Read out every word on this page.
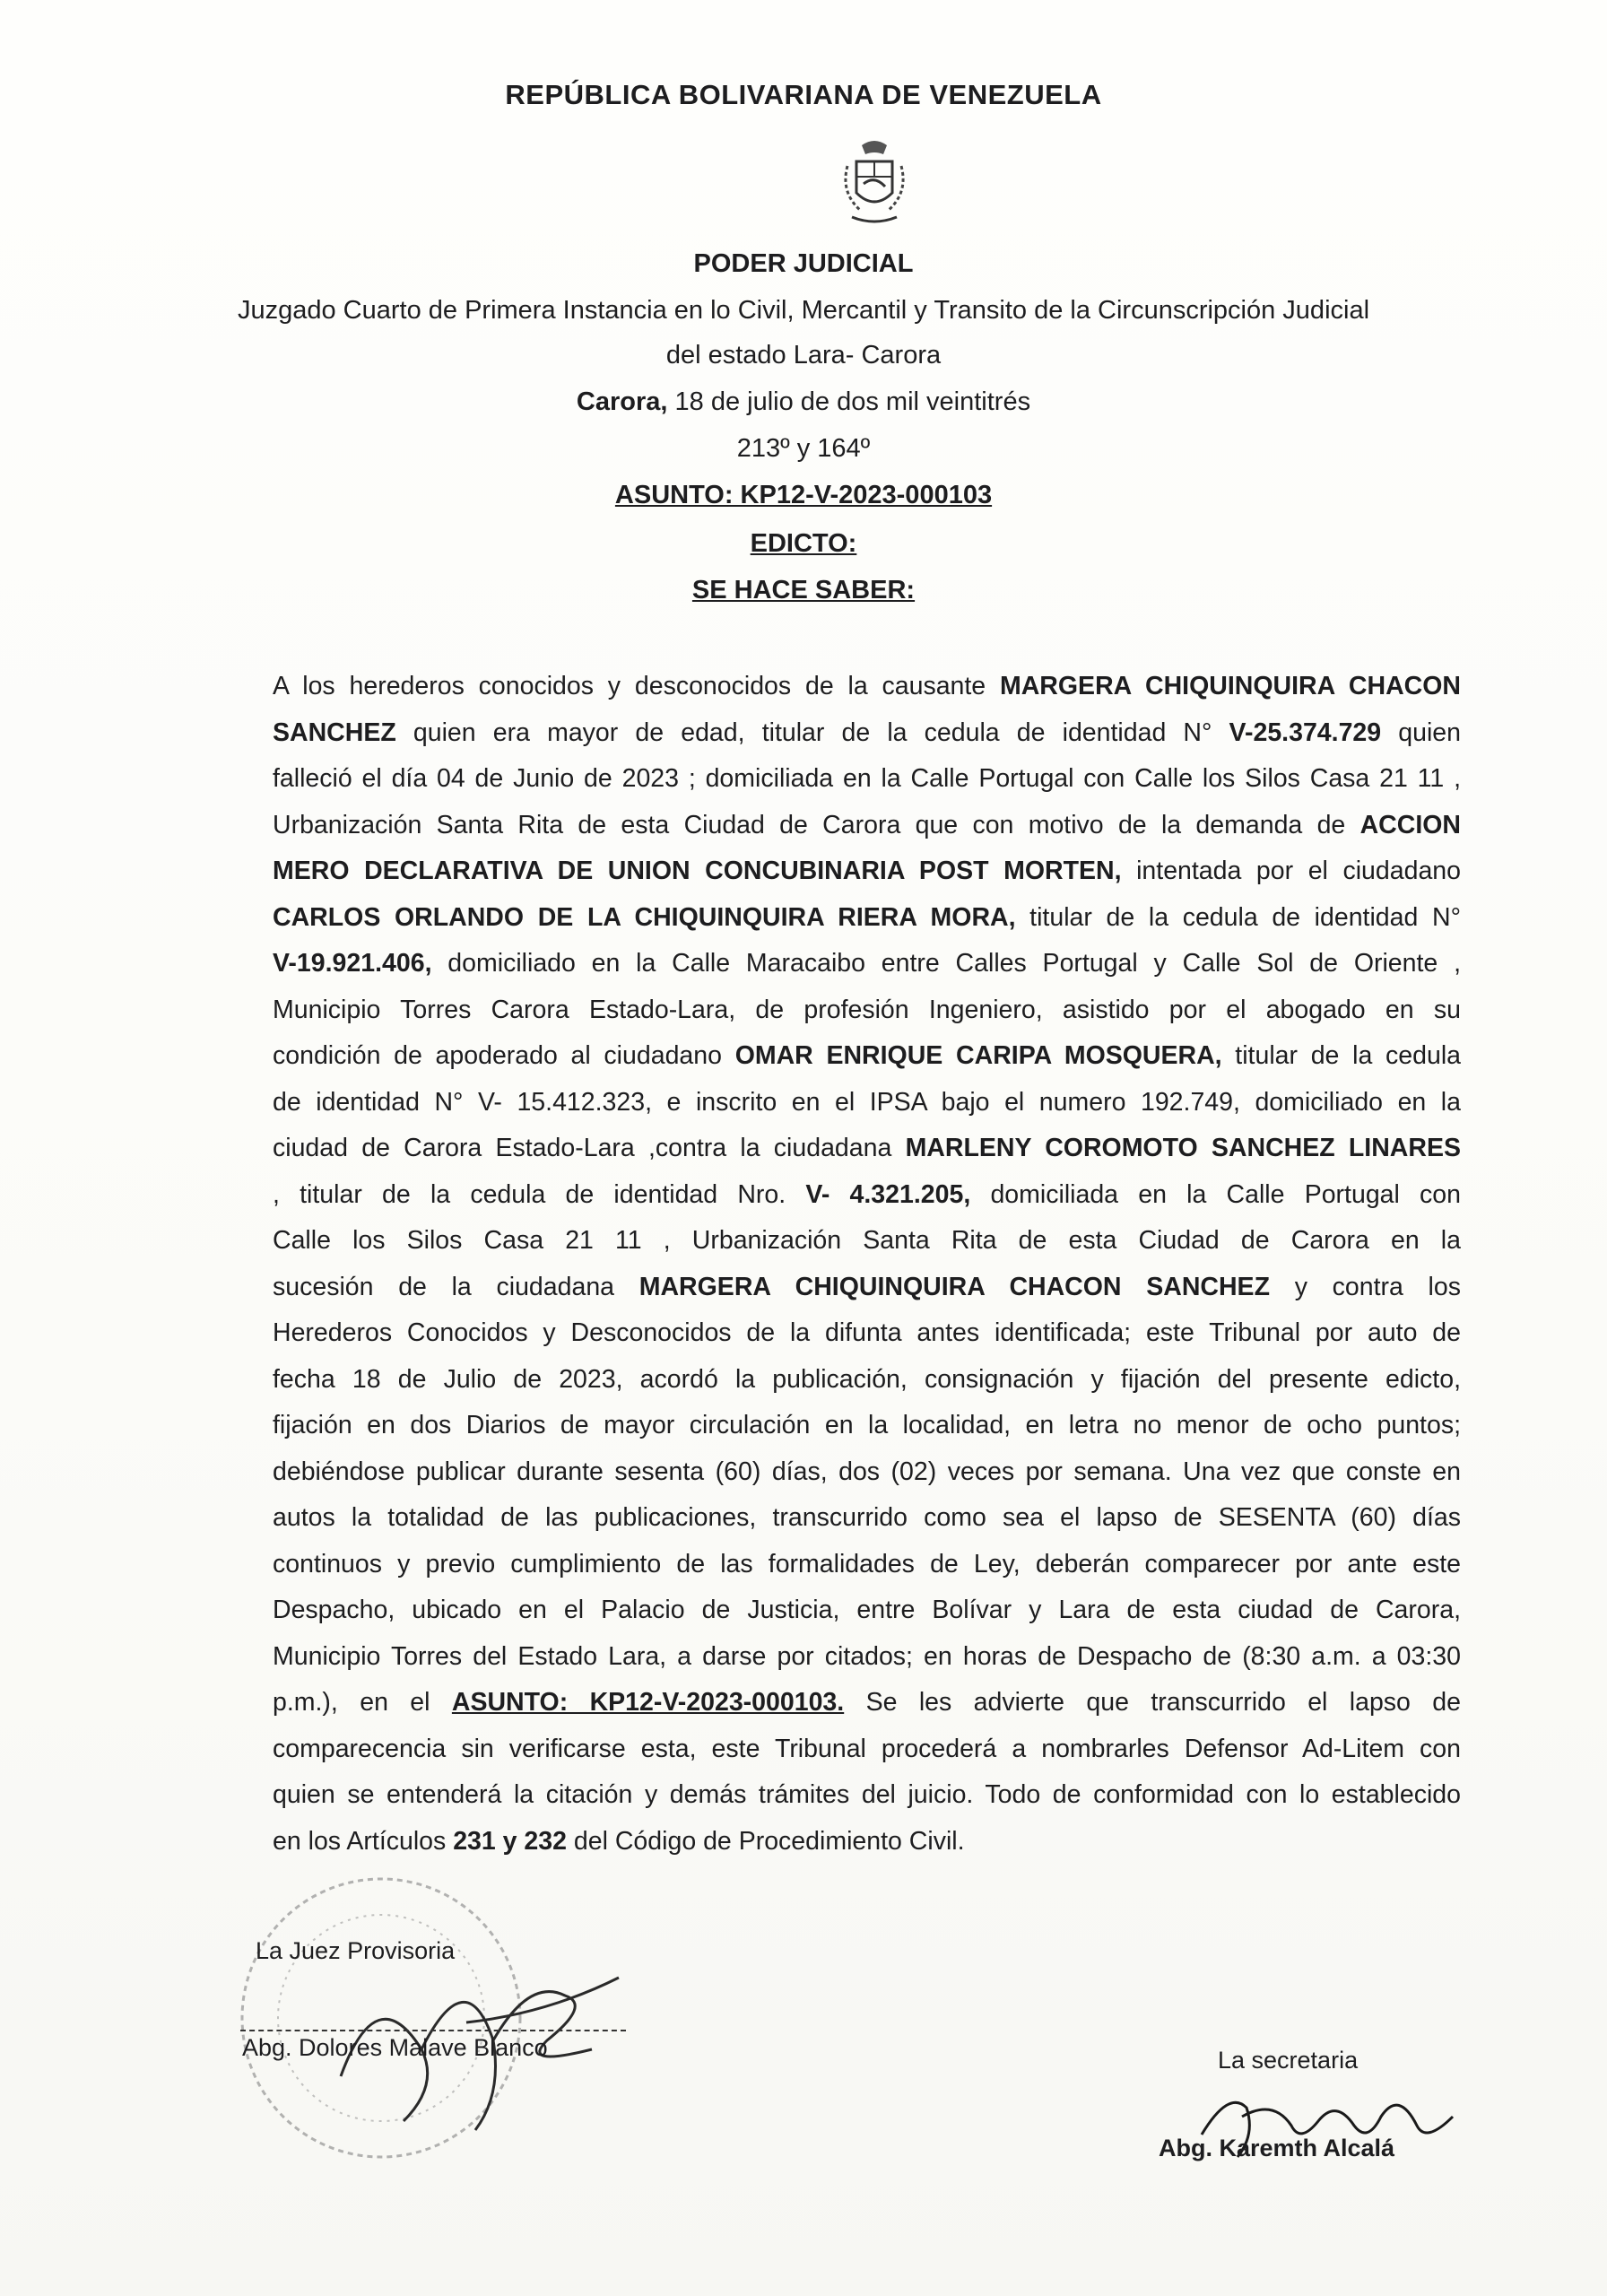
REPÚBLICA BOLIVARIANA DE VENEZUELA
PODER JUDICIAL
Juzgado Cuarto de Primera Instancia en lo Civil, Mercantil y Transito de la Circunscripción Judicial
del estado Lara- Carora
Carora, 18 de julio de dos mil veintitrés
213º y 164º
ASUNTO: KP12-V-2023-000103
EDICTO:
SE HACE SABER:
A los herederos conocidos y desconocidos de la causante MARGERA CHIQUINQUIRA CHACON
SANCHEZ quien era mayor de edad, titular de la cedula de identidad N° V-25.374.729 quien
falleció el día 04 de Junio de 2023 ; domiciliada en la Calle Portugal con Calle los Silos Casa 21 11 ,
Urbanización Santa Rita de esta Ciudad de Carora que con motivo de la demanda de ACCION
MERO DECLARATIVA DE UNION CONCUBINARIA POST MORTEN, intentada por el ciudadano
CARLOS ORLANDO DE LA CHIQUINQUIRA RIERA MORA, titular de la cedula de identidad N°
V-19.921.406, domiciliado en la Calle Maracaibo entre Calles Portugal y Calle Sol de Oriente ,
Municipio Torres Carora Estado-Lara, de profesión Ingeniero, asistido por el abogado en su
condición de apoderado al ciudadano OMAR ENRIQUE CARIPA MOSQUERA, titular de la cedula
de identidad N° V- 15.412.323, e inscrito en el IPSA bajo el numero 192.749, domiciliado en la
ciudad de Carora Estado-Lara ,contra la ciudadana MARLENY COROMOTO SANCHEZ LINARES
, titular de la cedula de identidad Nro. V- 4.321.205, domiciliada en la Calle Portugal con
Calle los Silos Casa 21 11 , Urbanización Santa Rita de esta Ciudad de Carora en la
sucesión de la ciudadana MARGERA CHIQUINQUIRA CHACON SANCHEZ y contra los
Herederos Conocidos y Desconocidos de la difunta antes identificada; este Tribunal por auto de
fecha 18 de Julio de 2023, acordó la publicación, consignación y fijación del presente edicto,
fijación en dos Diarios de mayor circulación en la localidad, en letra no menor de ocho puntos;
debiéndose publicar durante sesenta (60) días, dos (02) veces por semana. Una vez que conste en
autos la totalidad de las publicaciones, transcurrido como sea el lapso de SESENTA (60) días
continuos y previo cumplimiento de las formalidades de Ley, deberán comparecer por ante este
Despacho, ubicado en el Palacio de Justicia, entre Bolívar y Lara de esta ciudad de Carora,
Municipio Torres del Estado Lara, a darse por citados; en horas de Despacho de (8:30 a.m. a 03:30
p.m.), en el ASUNTO: KP12-V-2023-000103. Se les advierte que transcurrido el lapso de
comparecencia sin verificarse esta, este Tribunal procederá a nombrarles Defensor Ad-Litem con
quien se entenderá la citación y demás trámites del juicio. Todo de conformidad con lo establecido
en los Artículos 231 y 232 del Código de Procedimiento Civil.
La Juez Provisoria
Abg. Dolores Malave Blanco	La secretaria
Abg. Karemth Alcalá
